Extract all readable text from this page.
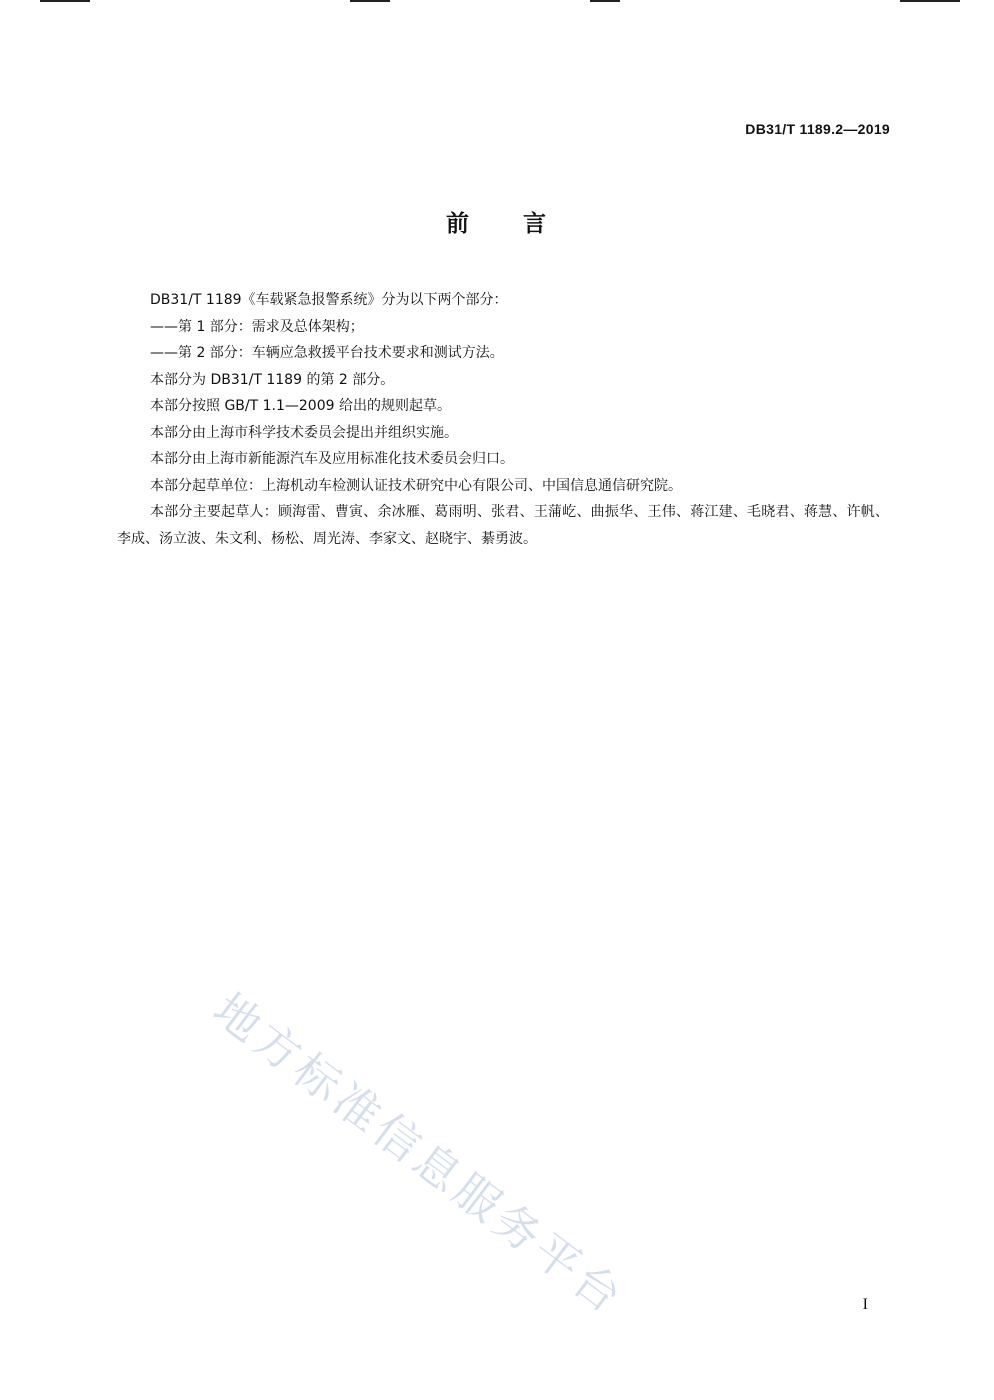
DB31/T 1189.2—2019
前 言

DB31/T 1189《车载紧急报警系统》分为以下两个部分：

——第 1 部分：需求及总体架构；

——第 2 部分：车辆应急救援平台技术要求和测试方法。

本部分为 DB31/T 1189 的第 2 部分。

本部分按照 GB/T 1.1—2009 给出的规则起草。

本部分由上海市科学技术委员会提出并组织实施。

本部分由上海市新能源汽车及应用标准化技术委员会归口。

本部分起草单位：上海机动车检测认证技术研究中心有限公司、中国信息通信研究院。

本部分主要起草人：顾海雷、曹寅、余冰雁、葛雨明、张君、王蒲屹、曲振华、王伟、蒋江建、毛晓君、蒋慧、许帆、李成、汤立波、朱文利、杨松、周光涛、李家文、赵晓宇、綦勇波。

地方标准信息服务平台	I
